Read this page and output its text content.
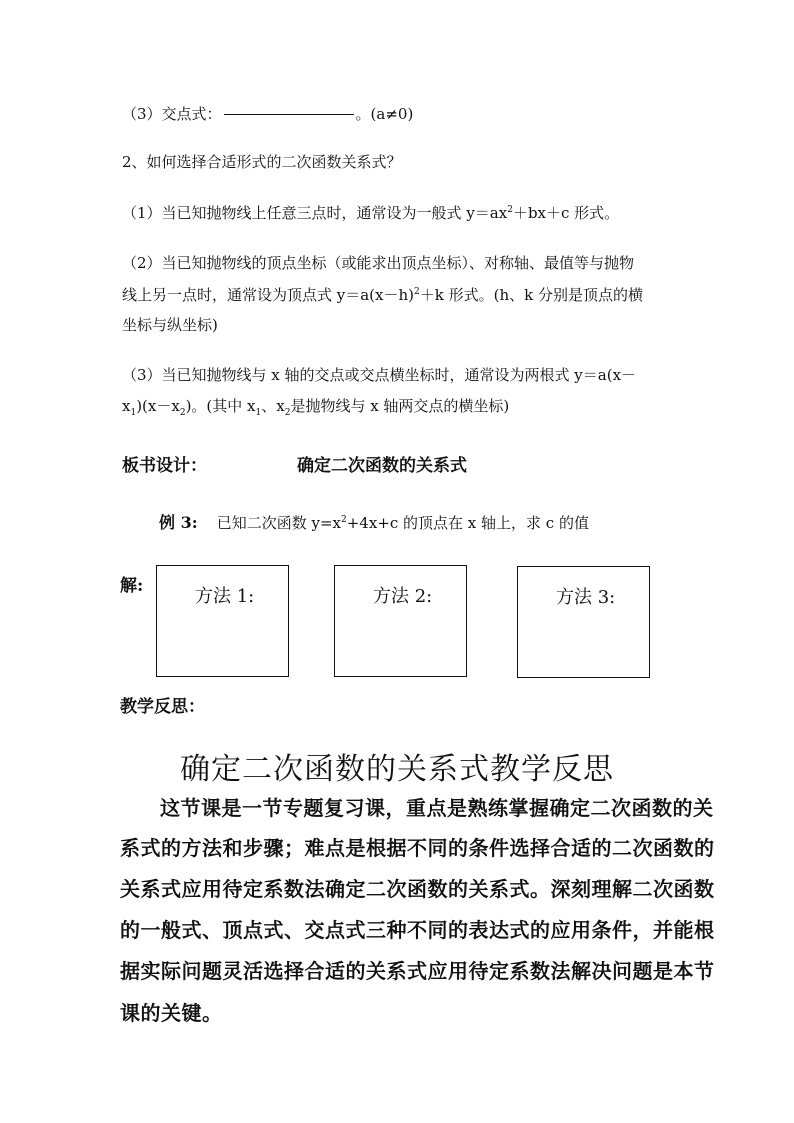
（3）交点式：	。(a≠0)
2、如何选择合适形式的二次函数关系式？
（1）当已知抛物线上任意三点时，通常设为一般式 $y=ax^2+bx+c$ 形式。
（2）当已知抛物线的顶点坐标（或能求出顶点坐标）、对称轴、最值等与抛物
线上另一点时，通常设为顶点式 $y=a(x-h)^2+k$ 形式。(h、k 分别是顶点的横
坐标与纵坐标)
（3）当已知抛物线与 x 轴的交点或交点横坐标时，通常设为两根式 y＝a(x－
$x_1)(x-x_2)$。(其中 $x_1$、$x_2$是抛物线与 x 轴两交点的横坐标)
板书设计：	确定二次函数的关系式
例 3: 已知二次函数 $y=x^2+4x+c$ 的顶点在 x 轴上，求 c 的值
解:	方法 1:	方法 2:	方法 3:
教学反思：
确定二次函数的关系式教学反思
这节课是一节专题复习课，重点是熟练掌握确定二次函数的关
系式的方法和步骤；难点是根据不同的条件选择合适的二次函数的
关系式应用待定系数法确定二次函数的关系式。深刻理解二次函数
的一般式、顶点式、交点式三种不同的表达式的应用条件，并能根
据实际问题灵活选择合适的关系式应用待定系数法解决问题是本节
课的关键。
